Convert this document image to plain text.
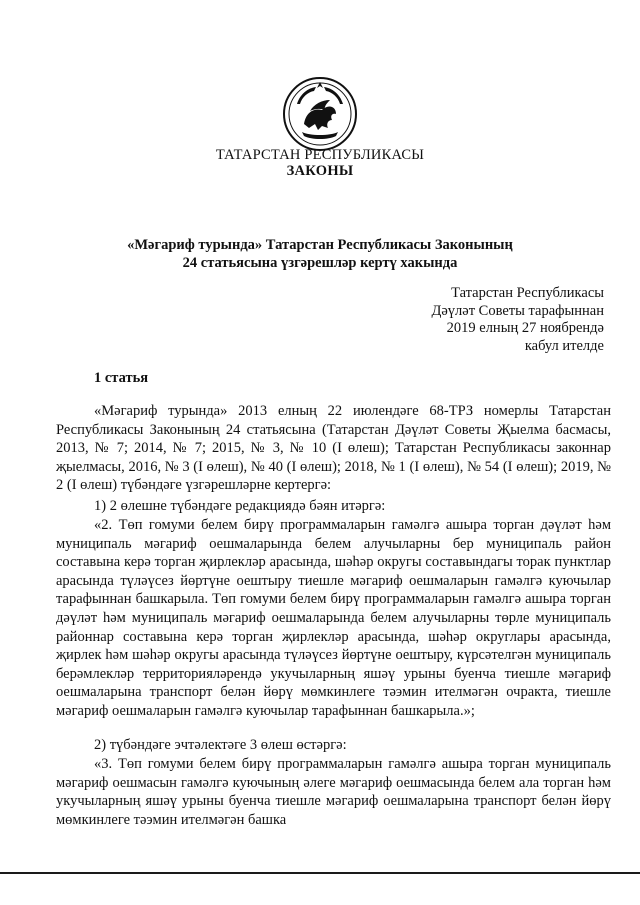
ТАТАРСТАН РЕСПУБЛИКАСЫ
ЗАКОНЫ
«Мәгариф турында» Татарстан Республикасы Законының
24 статьясына үзгәрешләр кертү хакында
Татарстан Республикасы
Дәүләт Советы тарафыннан
2019 елның 27 ноябрендә
кабул ителде
1 статья
«Мәгариф турында» 2013 елның 22 июлендәге 68-ТРЗ номерлы Татарстан Республикасы Законының 24 статьясына (Татарстан Дәүләт Советы Җыелма басмасы, 2013, № 7; 2014, № 7; 2015, № 3, № 10 (I өлеш); Татарстан Республикасы законнар җыелмасы, 2016, № 3 (I өлеш), № 40 (I өлеш); 2018, № 1 (I өлеш), № 54 (I өлеш); 2019, № 2 (I өлеш) түбәндәге үзгәрешләрне кертергә:
1) 2 өлешне түбәндәге редакциядә бәян итәргә:
«2. Төп гомуми белем бирү программаларын гамәлгә ашыра торган дәүләт һәм муниципаль мәгариф оешмаларында белем алучыларны бер муниципаль район составына керә торган җирлекләр арасында, шәһәр округы составындагы торак пунктлар арасында түләүсез йөртүне оештыру тиешле мәгариф оешмаларын гамәлгә куючылар тарафыннан башкарыла. Төп гомуми белем бирү программаларын гамәлгә ашыра торган дәүләт һәм муниципаль мәгариф оешмаларында белем алучыларны төрле муниципаль районнар составына керә торган җирлекләр арасында, шәһәр округлары арасында, җирлек һәм шәһәр округы арасында түләүсез йөртүне оештыру, күрсәтелгән муниципаль берәмлекләр территорияләрендә укучыларның яшәү урыны буенча тиешле мәгариф оешмаларына транспорт белән йөрү мөмкинлеге тәэмин ителмәгән очракта, тиешле мәгариф оешмаларын гамәлгә куючылар тарафыннан башкарыла.»;
2) түбәндәге эчтәлектәге 3 өлеш өстәргә:
«3. Төп гомуми белем бирү программаларын гамәлгә ашыра торган муниципаль мәгариф оешмасын гамәлгә куючының әлеге мәгариф оешмасында белем ала торган һәм укучыларның яшәү урыны буенча тиешле мәгариф оешмаларына транспорт белән йөрү мөмкинлеге тәэмин ителмәгән башка
